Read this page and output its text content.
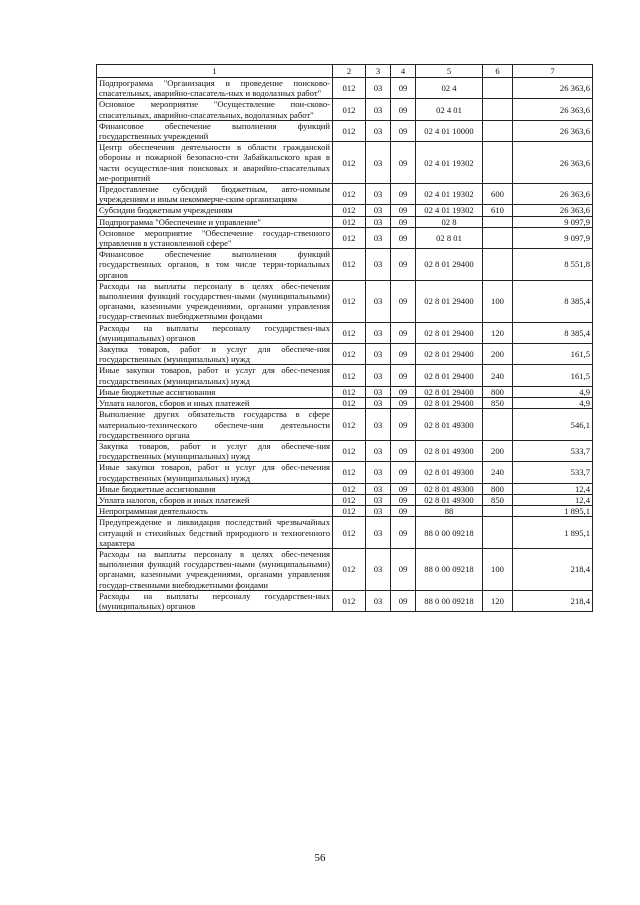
1	2	3	4	5	6	7
Подпрограмма "Организация и проведение поисково-спасательных, аварийно-спасатель-ных и водолазных работ"	012	03	09	02 4		26 363,6
Основное мероприятие "Осуществление пои-сково-спасательных, аварийно-спасательных, водолазных работ"	012	03	09	02 4 01		26 363,6
Финансовое обеспечение выполнения функций государственных учреждений	012	03	09	02 4 01 10000		26 363,6
Центр обеспечения деятельности в области гражданской обороны и пожарной безопасно-сти Забайкальского края в части осуществле-ния поисковых и аварийно-спасательных ме-роприятий	012	03	09	02 4 01 19302		26 363,6
Предоставление субсидий бюджетным, авто-номным учреждениям и иным некоммерче-ским организациям	012	03	09	02 4 01 19302	600	26 363,6
Субсидии бюджетным учреждениям	012	03	09	02 4 01 19302	610	26 363,6
Подпрограмма "Обеспечение и управление"	012	03	09	02 8		9 097,9
Основное мероприятие "Обеспечение государ-ственного управления в установленной сфере"	012	03	09	02 8 01		9 097,9
Финансовое обеспечение выполнения функций государственных органов, в том числе терри-ториальных органов	012	03	09	02 8 01 29400		8 551,8
Расходы на выплаты персоналу в целях обес-печения выполнения функций государствен-ными (муниципальными) органами, казенными учреждениями, органами управления государ-ственных внебюджетными фондами	012	03	09	02 8 01 29400	100	8 385,4
Расходы на выплаты персоналу государствен-ных (муниципальных) органов	012	03	09	02 8 01 29400	120	8 385,4
Закупка товаров, работ и услуг для обеспече-ния государственных (муниципальных) нужд	012	03	09	02 8 01 29400	200	161,5
Иные закупки товаров, работ и услуг для обес-печения государственных (муниципальных) нужд	012	03	09	02 8 01 29400	240	161,5
Иные бюджетные ассигнования	012	03	09	02 8 01 29400	800	4,9
Уплата налогов, сборов и иных платежей	012	03	09	02 8 01 29400	850	4,9
Выполнение других обязательств государства в сфере материально-технического обеспече-ния деятельности государственного органа	012	03	09	02 8 01 49300		546,1
Закупка товаров, работ и услуг для обеспече-ния государственных (муниципальных) нужд	012	03	09	02 8 01 49300	200	533,7
Иные закупки товаров, работ и услуг для обес-печения государственных (муниципальных) нужд	012	03	09	02 8 01 49300	240	533,7
Иные бюджетные ассигнования	012	03	09	02 8 01 49300	800	12,4
Уплата налогов, сборов и иных платежей	012	03	09	02 8 01 49300	850	12,4
Непрограммная деятельность	012	03	09	88		1 895,1
Предупреждение и ликвидация последствий чрезвычайных ситуаций и стихийных бедствий природного и техногенного характера	012	03	09	88 0 00 09218		1 895,1
Расходы на выплаты персоналу в целях обес-печения выполнения функций государствен-ными (муниципальными) органами, казенными учреждениями, органами управления государ-ственными внебюджетными фондами	012	03	09	88 0 00 09218	100	218,4
Расходы на выплаты персоналу государствен-ных (муниципальных) органов	012	03	09	88 0 00 09218	120	218,4
56
